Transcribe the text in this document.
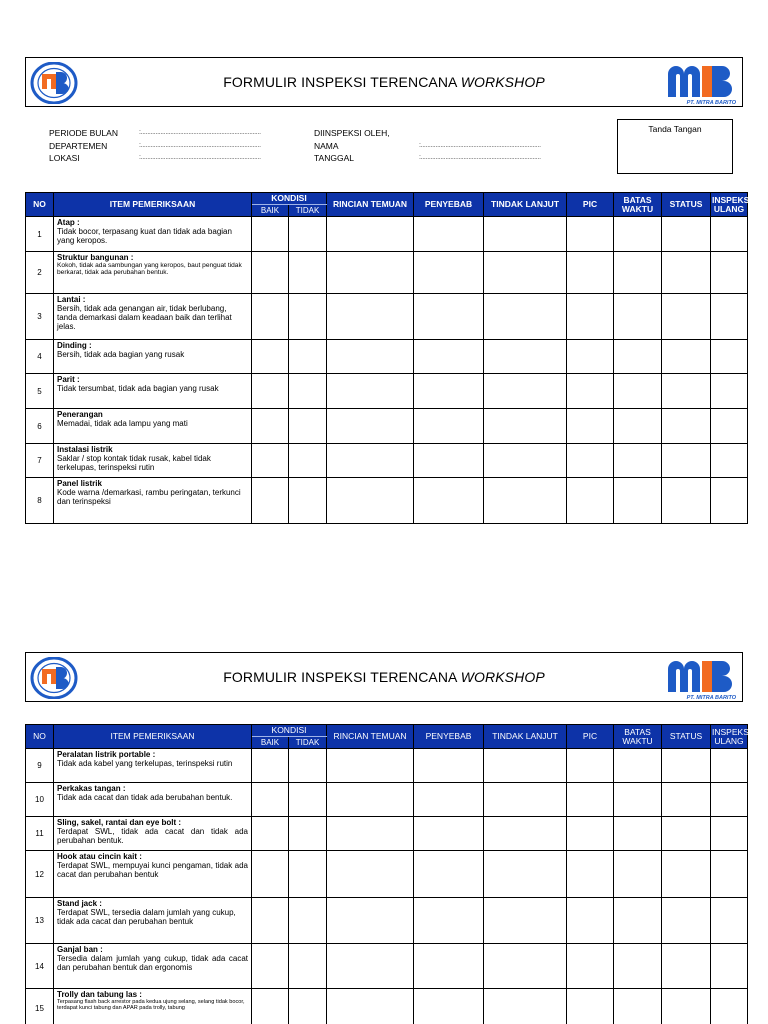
FORMULIR INSPEKSI TERENCANA WORKSHOP
PT. MITRA BARITO
PERIODE BULAN	:.........................................................................	DIINSPEKSI OLEH,
DEPARTEMEN	:.........................................................................	NAMA	:.........................................................................
LOKASI	:.........................................................................	TANGGAL	:.........................................................................
Tanda Tangan
NO	ITEM PEMERIKSAAN	KONDISI		RINCIAN TEMUAN	PENYEBAB	TINDAK LANJUT	PIC	BATAS WAKTU	STATUS	INSPEKSI ULANG
		BAIK	TIDAK							
1	Atap :
Tidak bocor, terpasang kuat dan tidak ada bagian yang keropos.									

2	Struktur bangunan :
Kokoh, tidak ada sambungan yang keropos, baut penguat tidak berkarat, tidak ada perubahan bentuk.									

3	Lantai :
Bersih, tidak ada genangan air, tidak berlubang, tanda demarkasi dalam keadaan baik dan terlihat jelas.									

4	Dinding :
Bersih, tidak ada bagian yang rusak									

5	Parit :
Tidak tersumbat, tidak ada bagian yang rusak									

6	Penerangan
Memadai, tidak ada lampu yang mati									

7	Instalasi listrik
Saklar / stop kontak tidak rusak, kabel tidak terkelupas, terinspeksi rutin									

8	Panel listrik
Kode warna /demarkasi, rambu peringatan, terkunci dan terinspeksi									

FORMULIR INSPEKSI TERENCANA WORKSHOP
PT. MITRA BARITO
NO	ITEM PEMERIKSAAN	KONDISI		RINCIAN TEMUAN	PENYEBAB	TINDAK LANJUT	PIC	BATAS WAKTU	STATUS	INSPEKSI ULANG
		BAIK	TIDAK							
9	Peralatan listrik portable :
Tidak ada kabel yang terkelupas, terinspeksi rutin									

10	Perkakas tangan :
Tidak ada cacat dan tidak ada berubahan bentuk.									

11	Sling, sakel, rantai dan eye bolt :
Terdapat SWL, tidak ada cacat dan tidak ada perubahan bentuk.									

12	Hook atau cincin kait :
Terdapat SWL, mempuyai kunci pengaman, tidak ada cacat dan perubahan bentuk									

13	Stand jack :
Terdapat SWL, tersedia dalam jumlah yang cukup, tidak ada cacat dan perubahan bentuk									

14	Ganjal ban :
Tersedia dalam jumlah yang cukup, tidak ada cacat dan perubahan bentuk dan ergonomis									

15	Trolly dan tabung las :
Terpasang flash back arrestor pada kedua ujung selang, selang tidak bocor, terdapat kunci tabung dan APAR pada trolly, tabung									
